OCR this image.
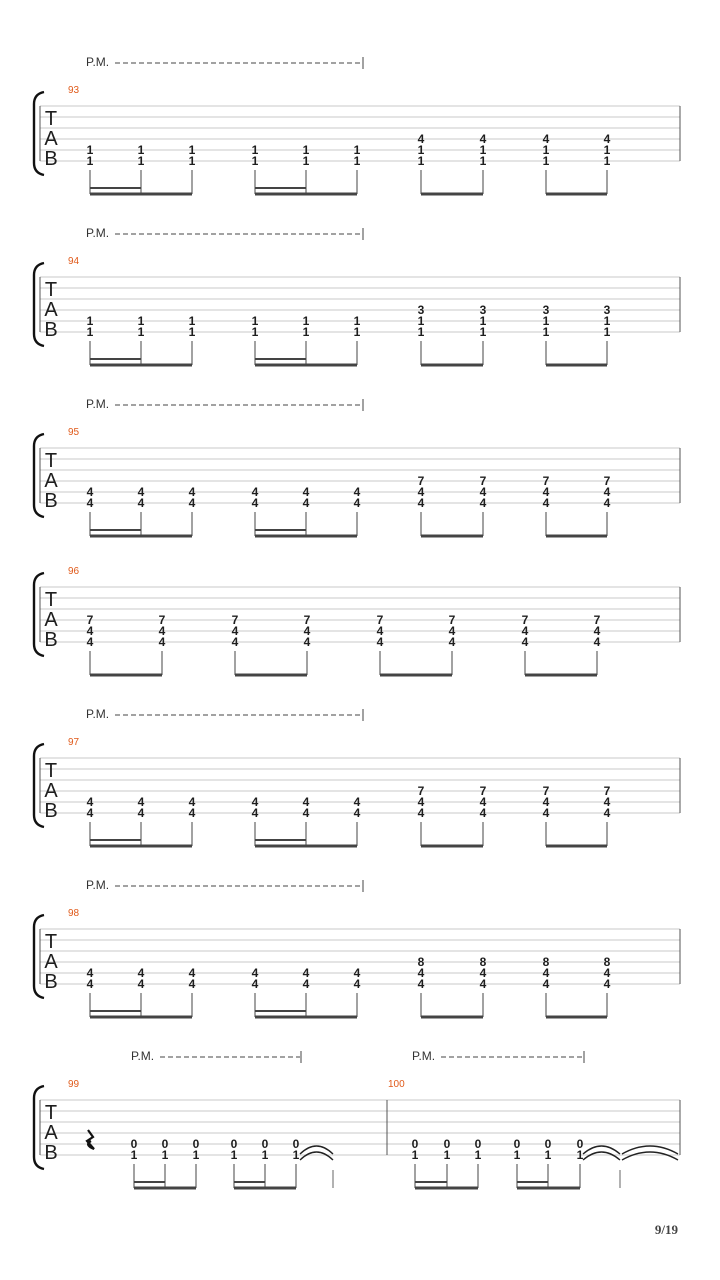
T
A
B
93
P.M.
1
1
1
1
1
1
1
1
1
1
1
1
4
1
1
4
1
1
4
1
1
4
1
1
T
A
B
94
P.M.
1
1
1
1
1
1
1
1
1
1
1
1
3
1
1
3
1
1
3
1
1
3
1
1
T
A
B
95
P.M.
4
4
4
4
4
4
4
4
4
4
4
4
7
4
4
7
4
4
7
4
4
7
4
4
T
A
B
96
7
4
4
7
4
4
7
4
4
7
4
4
7
4
4
7
4
4
7
4
4
7
4
4
T
A
B
97
P.M.
4
4
4
4
4
4
4
4
4
4
4
4
7
4
4
7
4
4
7
4
4
7
4
4
T
A
B
98
P.M.
4
4
4
4
4
4
4
4
4
4
4
4
8
4
4
8
4
4
8
4
4
8
4
4
T
A
B
99	100
P.M.	P.M.
0
1
0
1
0
1
0
1
0
1
0
1
0
1
0
1
0
1
0
1
0
1
0
1
9/19
